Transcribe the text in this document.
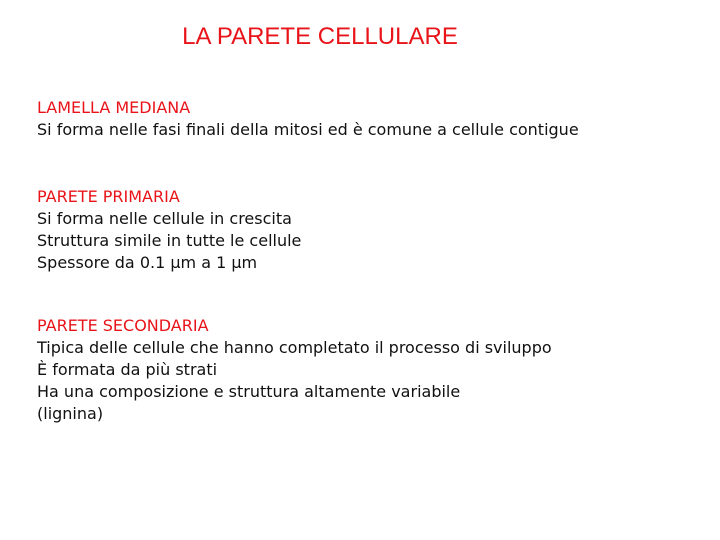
LA PARETE CELLULARE
LAMELLA MEDIANA
Si forma nelle fasi finali della mitosi ed è comune a cellule contigue
PARETE PRIMARIA
Si forma nelle cellule in crescita
Struttura simile in tutte le cellule
Spessore da 0.1 μm a 1 μm
PARETE SECONDARIA
Tipica delle cellule che hanno completato il processo di sviluppo
È formata da più strati
Ha una composizione e struttura altamente variabile
(lignina)
